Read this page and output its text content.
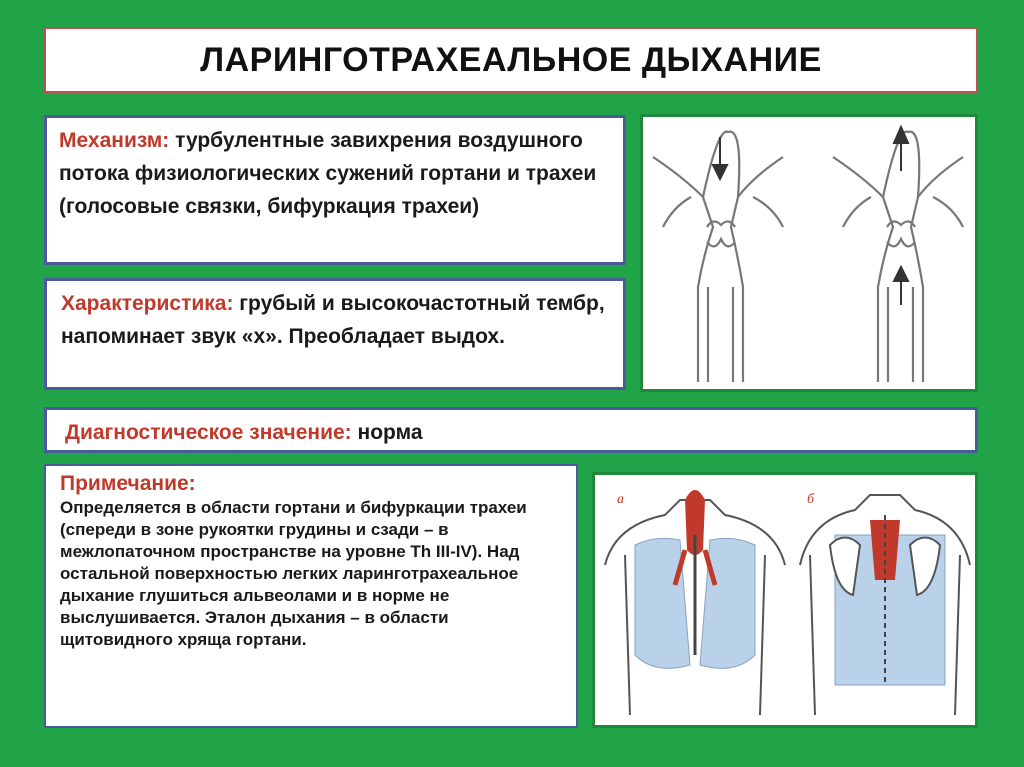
ЛАРИНГОТРАХЕАЛЬНОЕ ДЫХАНИЕ
Механизм: турбулентные завихрения воздушного потока физиологических сужений гортани и трахеи (голосовые связки, бифуркация трахеи)
Характеристика: грубый и высокочастотный тембр, напоминает звук «х». Преобладает выдох.
Диагностическое значение: норма
Примечание:
Определяется в области гортани и бифуркации трахеи (спереди в зоне рукоятки грудины и сзади – в межлопаточном пространстве на уровне Th III-IV). Над остальной поверхностью легких ларинготрахеальное дыхание глушиться альвеолами и в норме не выслушивается. Эталон дыхания – в области щитовидного хряща гортани.
а	б
